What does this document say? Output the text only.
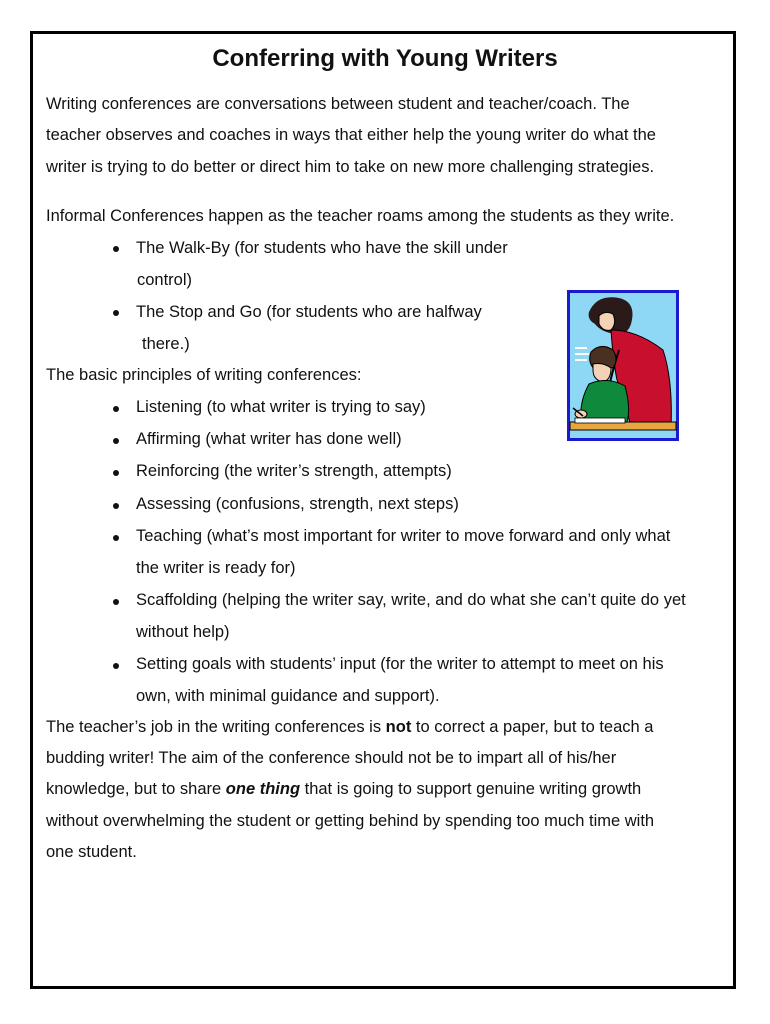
Conferring with Young Writers

Writing conferences are conversations between student and teacher/coach. The

teacher observes and coaches in ways that either help the young writer do what the

writer is trying to do better or direct him to take on new more challenging strategies.

Informal Conferences happen as the teacher roams among the students as they write.

The Walk-By (for students who have the skill under

control)

The Stop and Go (for students who are halfway

there.)

The basic principles of writing conferences:

Listening (to what writer is trying to say)

Affirming (what writer has done well)

Reinforcing (the writer’s strength, attempts)

Assessing (confusions, strength, next steps)

Teaching (what’s most important for writer to move forward and only what

the writer is ready for)

Scaffolding (helping the writer say, write, and do what she can’t quite do yet

without help)

Setting goals with students’ input (for the writer to attempt to meet on his

own, with minimal guidance and support).

The teacher’s job in the writing conferences is not to correct a paper, but to teach a

budding writer! The aim of the conference should not be to impart all of his/her

knowledge, but to share one thing that is going to support genuine writing growth

without overwhelming the student or getting behind by spending too much time with

one student.
